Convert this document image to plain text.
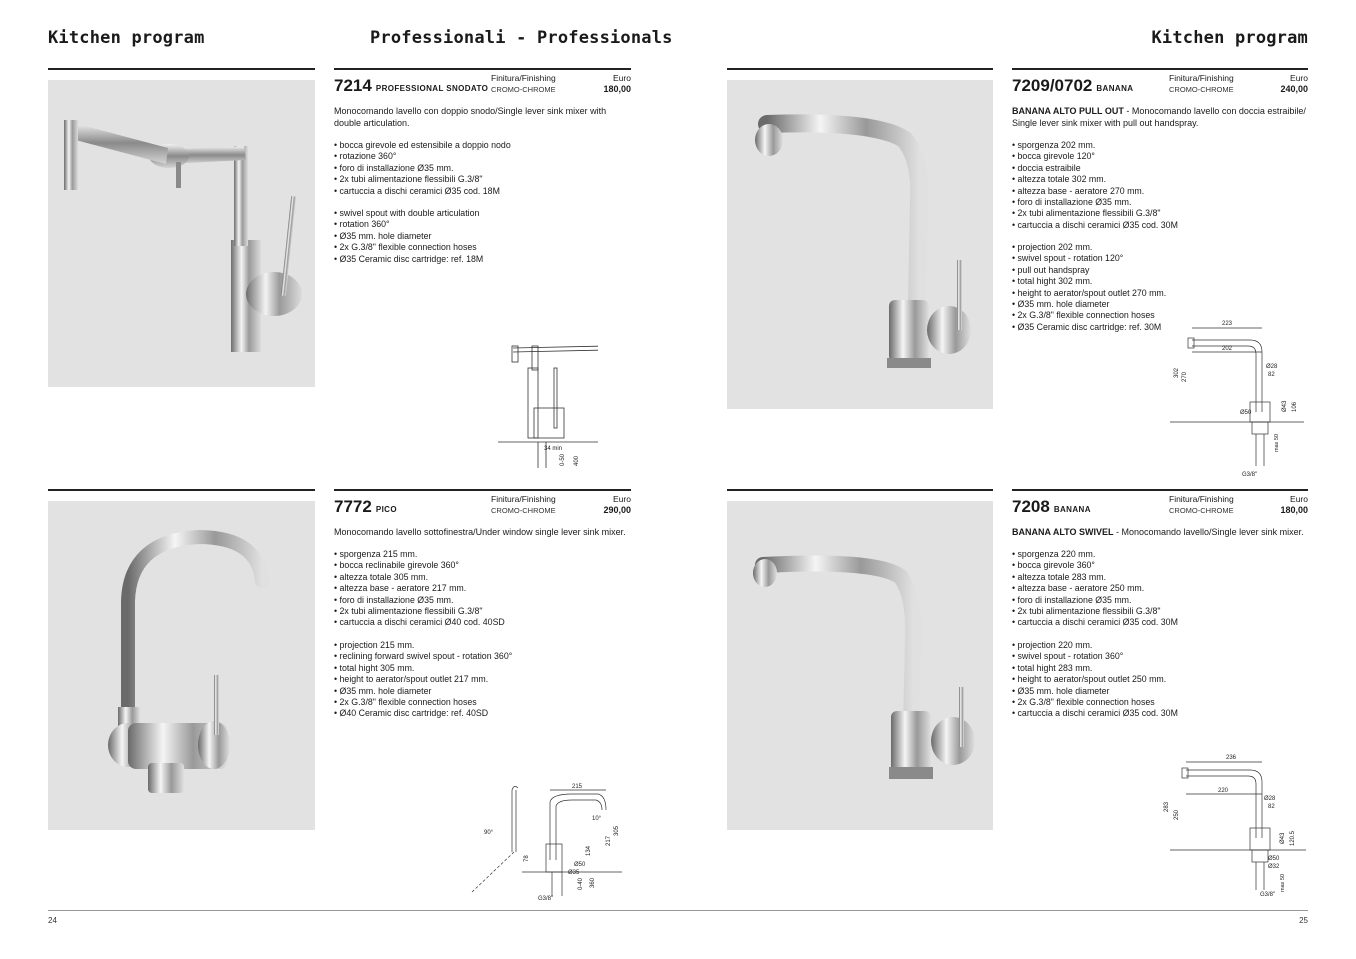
Kitchen program	Professionali - Professionals	Kitchen program
7214 PROFESSIONAL SNODATO
Finitura/Finishing
CROMO-CHROME
Euro
180,00
Monocomando lavello con doppio snodo/Single lever sink mixer with double articulation.
• bocca girevole ed estensibile a doppio nodo
• rotazione 360°
• foro di installazione Ø35 mm.
• 2x tubi alimentazione flessibili G.3/8"
• cartuccia a dischi ceramici Ø35 cod. 18M
• swivel spout with double articulation
• rotation 360°
• Ø35 mm. hole diameter
• 2x G.3/8" flexible connection hoses
• Ø35 Ceramic disc cartridge: ref. 18M
34 min
0-50 400
7209/0702 BANANA
Finitura/Finishing
CROMO-CHROME
Euro
240,00
BANANA ALTO PULL OUT - Monocomando lavello con doccia estraibile/ Single lever sink mixer with pull out handspray.
• sporgenza 202 mm.
• bocca girevole 120°
• doccia estraibile
• altezza totale 302 mm.
• altezza base - aeratore 270 mm.
• foro di installazione Ø35 mm.
• 2x tubi alimentazione flessibili G.3/8"
• cartuccia a dischi ceramici Ø35 cod. 30M
• projection 202 mm.
• swivel spout - rotation 120°
• pull out handspray
• total hight 302 mm.
• height to aerator/spout outlet 270 mm.
• Ø35 mm. hole diameter
• 2x G.3/8" flexible connection hoses
• Ø35 Ceramic disc cartridge: ref. 30M	223
202
302 270
Ø28
82
Ø43 106
Ø50
max 50
G3/8"
7772 PICO
Finitura/Finishing
CROMO-CHROME
Euro
290,00
Monocomando lavello sottofinestra/Under window single lever sink mixer.
• sporgenza 215 mm.
• bocca reclinabile girevole 360°
• altezza totale 305 mm.
• altezza base - aeratore 217 mm.
• foro di installazione Ø35 mm.
• 2x tubi alimentazione flessibili G.3/8"
• cartuccia a dischi ceramici Ø40 cod. 40SD
• projection 215 mm.
• reclining forward swivel spout - rotation 360°
• total hight 305 mm.
• height to aerator/spout outlet 217 mm.
• Ø35 mm. hole diameter
• 2x G.3/8" flexible connection hoses
• Ø40 Ceramic disc cartridge: ref. 40SD
215
10°
305
217
134
90°
78
Ø50
Ø35
0-40 360
G3/8"
7208 BANANA
Finitura/Finishing
CROMO-CHROME
Euro
180,00
BANANA ALTO SWIVEL - Monocomando lavello/Single lever sink mixer.
• sporgenza 220 mm.
• bocca girevole 360°
• altezza totale 283 mm.
• altezza base - aeratore 250 mm.
• foro di installazione Ø35 mm.
• 2x tubi alimentazione flessibili G.3/8"
• cartuccia a dischi ceramici Ø35 cod. 30M
• projection 220 mm.
• swivel spout - rotation 360°
• total hight 283 mm.
• height to aerator/spout outlet 250 mm.
• Ø35 mm. hole diameter
• 2x G.3/8" flexible connection hoses
• cartuccia a dischi ceramici Ø35 cod. 30M
236
220
283
250
Ø28
82
Ø43 120.5
Ø50
Ø32
max 50
G3/8"
24	25
